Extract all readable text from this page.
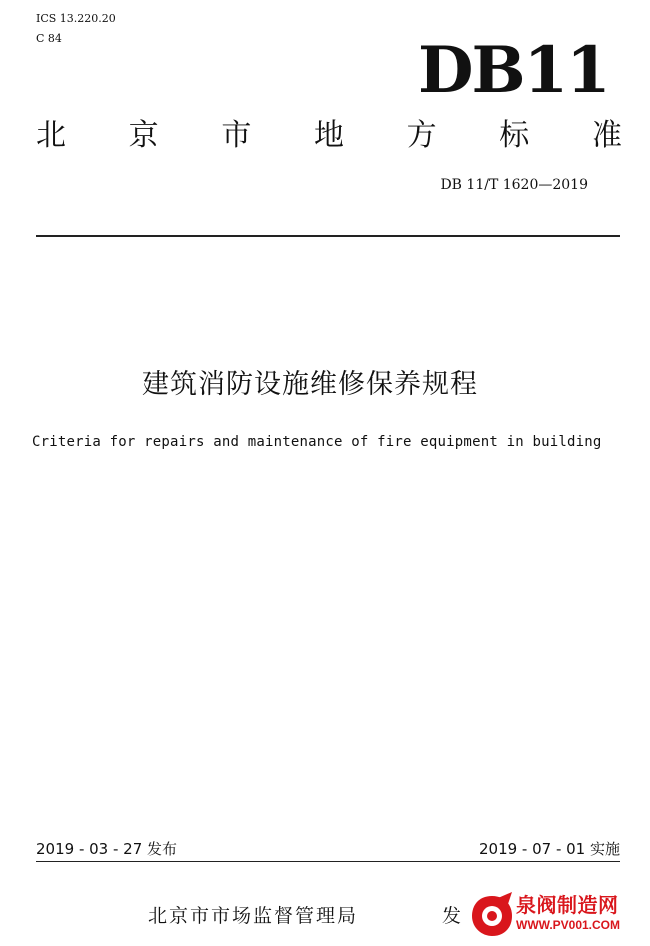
ICS 13.220.20
C 84	DB11
北 京 市 地 方 标 准
DB 11/T 1620—2019
建筑消防设施维修保养规程
Criteria for repairs and maintenance of fire equipment in building
2019 - 03 - 27 发布	2019 - 07 - 01 实施
北京市市场监督管理局	发	泉阀制造网
WWW.PV001.COM
